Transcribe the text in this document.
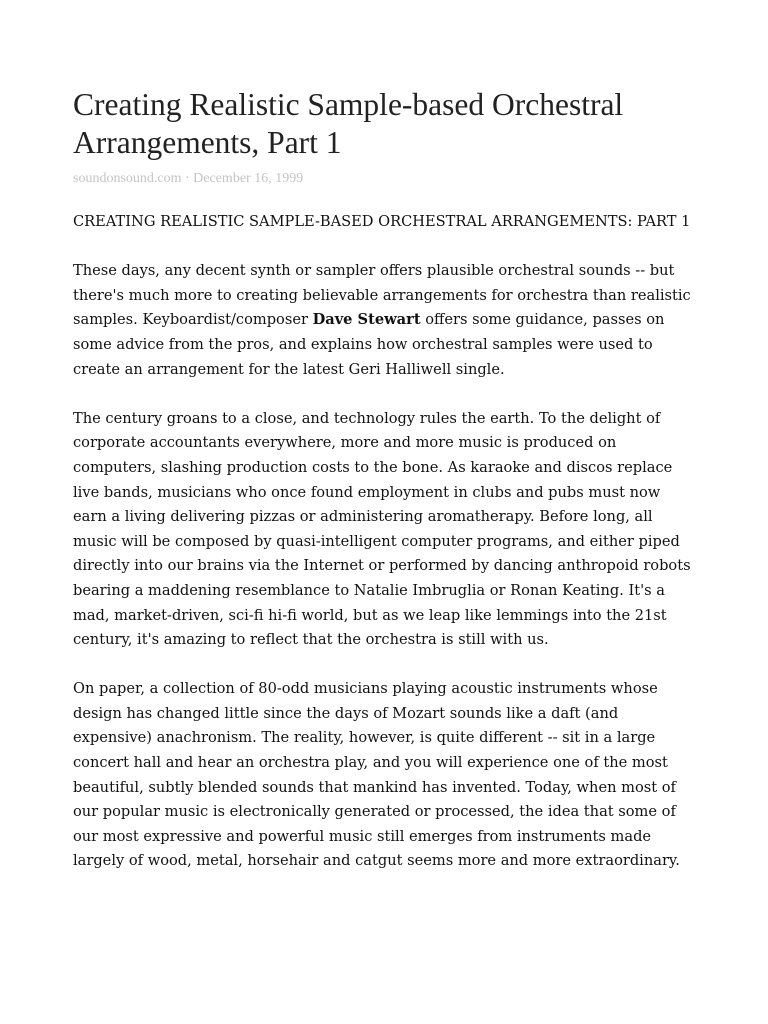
Creating Realistic Sample-based Orchestral Arrangements, Part 1
soundonsound.com · December 16, 1999

CREATING REALISTIC SAMPLE-BASED ORCHESTRAL ARRANGEMENTS: PART 1

These days, any decent synth or sampler offers plausible orchestral sounds -- but there's much more to creating believable arrangements for orchestra than realistic samples. Keyboardist/composer Dave Stewart offers some guidance, passes on some advice from the pros, and explains how orchestral samples were used to create an arrangement for the latest Geri Halliwell single.

The century groans to a close, and technology rules the earth. To the delight of corporate accountants everywhere, more and more music is produced on computers, slashing production costs to the bone. As karaoke and discos replace live bands, musicians who once found employment in clubs and pubs must now earn a living delivering pizzas or administering aromatherapy. Before long, all music will be composed by quasi-intelligent computer programs, and either piped directly into our brains via the Internet or performed by dancing anthropoid robots bearing a maddening resemblance to Natalie Imbruglia or Ronan Keating. It's a mad, market-driven, sci-fi hi-fi world, but as we leap like lemmings into the 21st century, it's amazing to reflect that the orchestra is still with us.

On paper, a collection of 80-odd musicians playing acoustic instruments whose design has changed little since the days of Mozart sounds like a daft (and expensive) anachronism. The reality, however, is quite different -- sit in a large concert hall and hear an orchestra play, and you will experience one of the most beautiful, subtly blended sounds that mankind has invented. Today, when most of our popular music is electronically generated or processed, the idea that some of our most expressive and powerful music still emerges from instruments made largely of wood, metal, horsehair and catgut seems more and more extraordinary.
